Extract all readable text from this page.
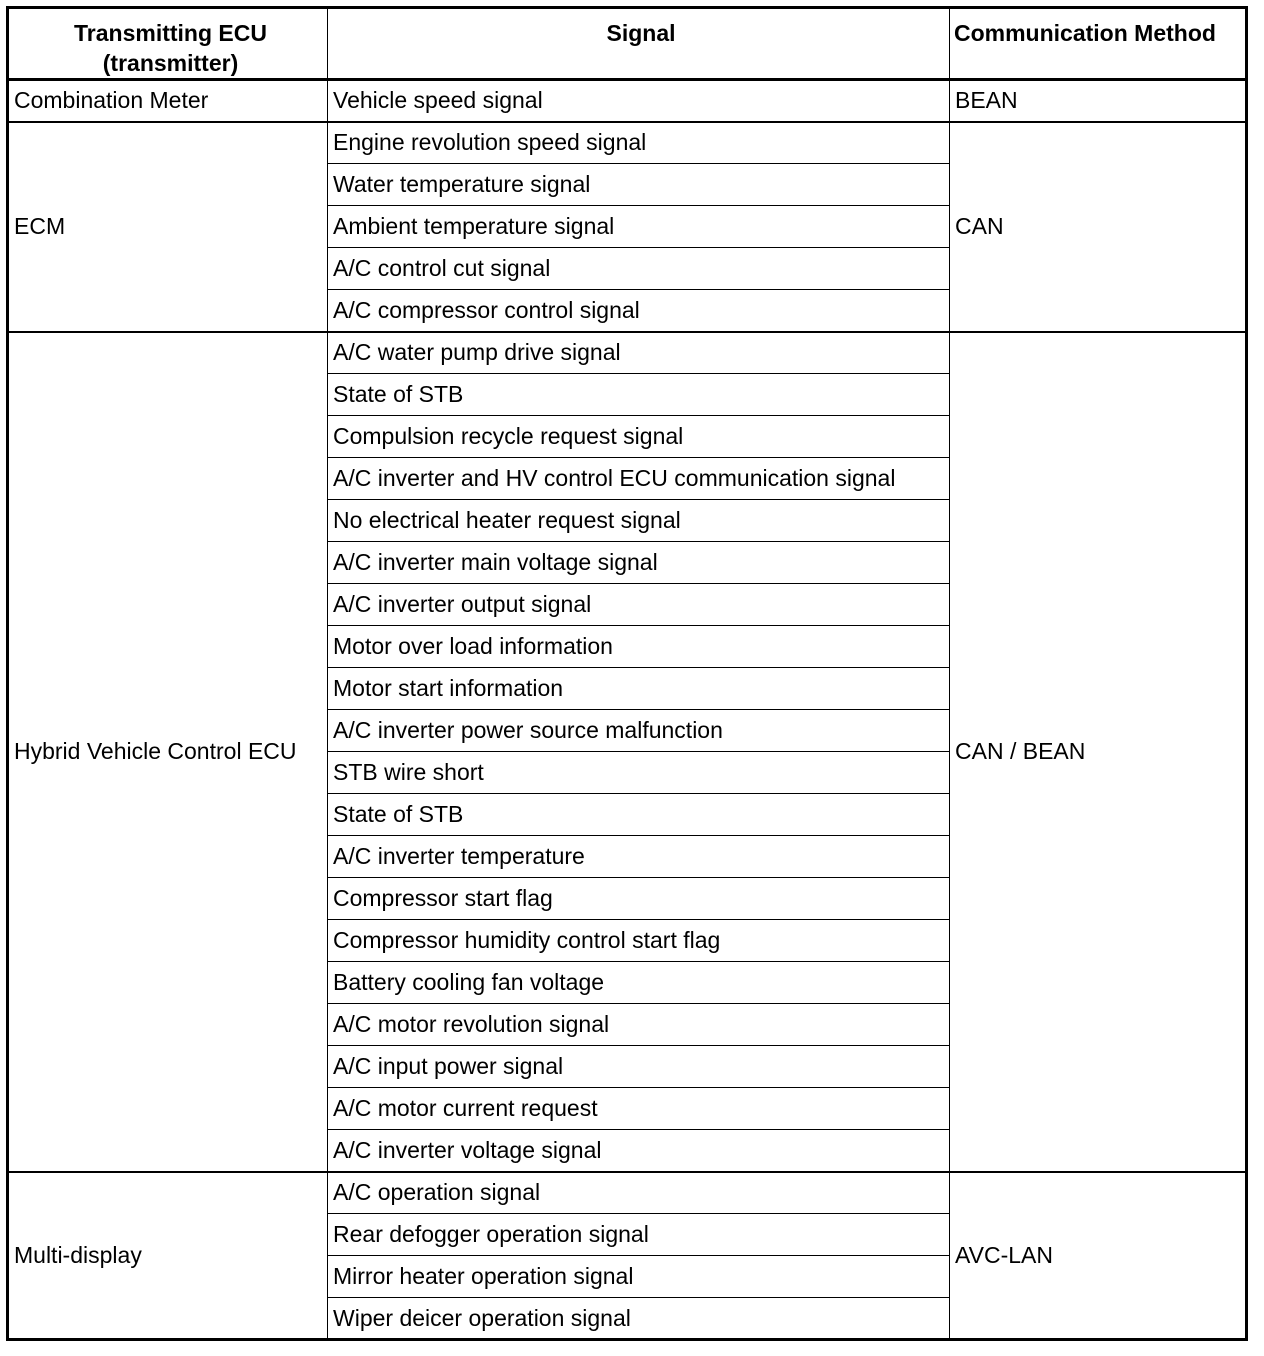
Transmitting ECU
(transmitter)	Signal	Communication Method
Combination Meter	Vehicle speed signal	BEAN
ECM	Engine revolution speed signal	CAN
	Water temperature signal	
	Ambient temperature signal	
	A/C control cut signal	
	A/C compressor control signal	
Hybrid Vehicle Control ECU	A/C water pump drive signal	CAN / BEAN
	State of STB	
	Compulsion recycle request signal	
	A/C inverter and HV control ECU communication signal	
	No electrical heater request signal	
	A/C inverter main voltage signal	
	A/C inverter output signal	
	Motor over load information	
	Motor start information	
	A/C inverter power source malfunction	
	STB wire short	
	State of STB	
	A/C inverter temperature	
	Compressor start flag	
	Compressor humidity control start flag	
	Battery cooling fan voltage	
	A/C motor revolution signal	
	A/C input power signal	
	A/C motor current request	
	A/C inverter voltage signal	
Multi-display	A/C operation signal	AVC-LAN
	Rear defogger operation signal	
	Mirror heater operation signal	
	Wiper deicer operation signal	
